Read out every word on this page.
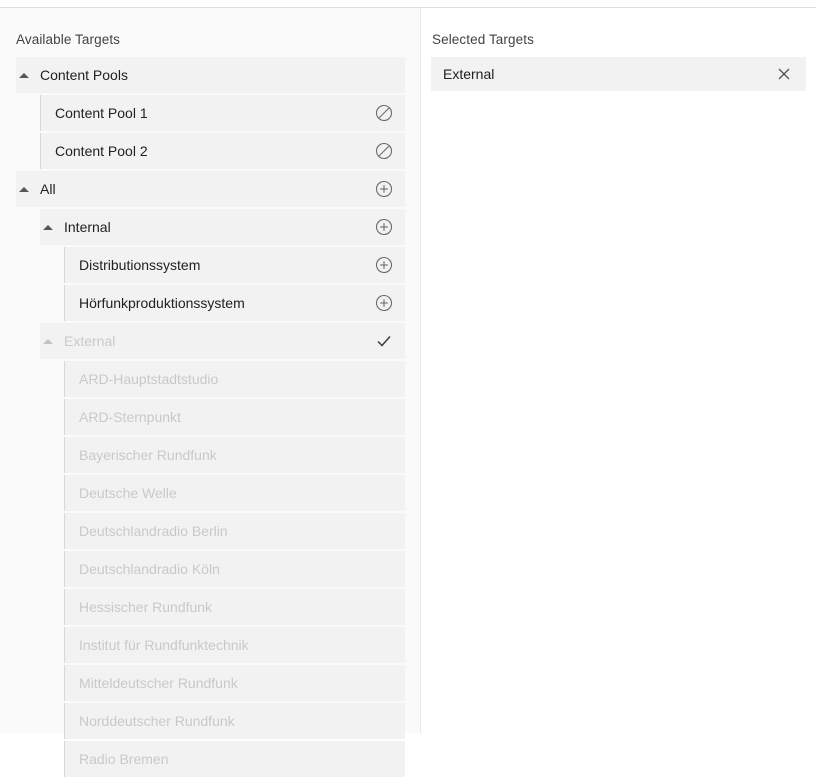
Available Targets
Content Pools
Content Pool 1
Content Pool 2
All
Internal
Distributionssystem
Hörfunkproduktionssystem
External
ARD-Hauptstadtstudio
ARD-Sternpunkt
Bayerischer Rundfunk
Deutsche Welle
Deutschlandradio Berlin
Deutschlandradio Köln
Hessischer Rundfunk
Institut für Rundfunktechnik
Mitteldeutscher Rundfunk
Norddeutscher Rundfunk
Radio Bremen
Selected Targets
External
